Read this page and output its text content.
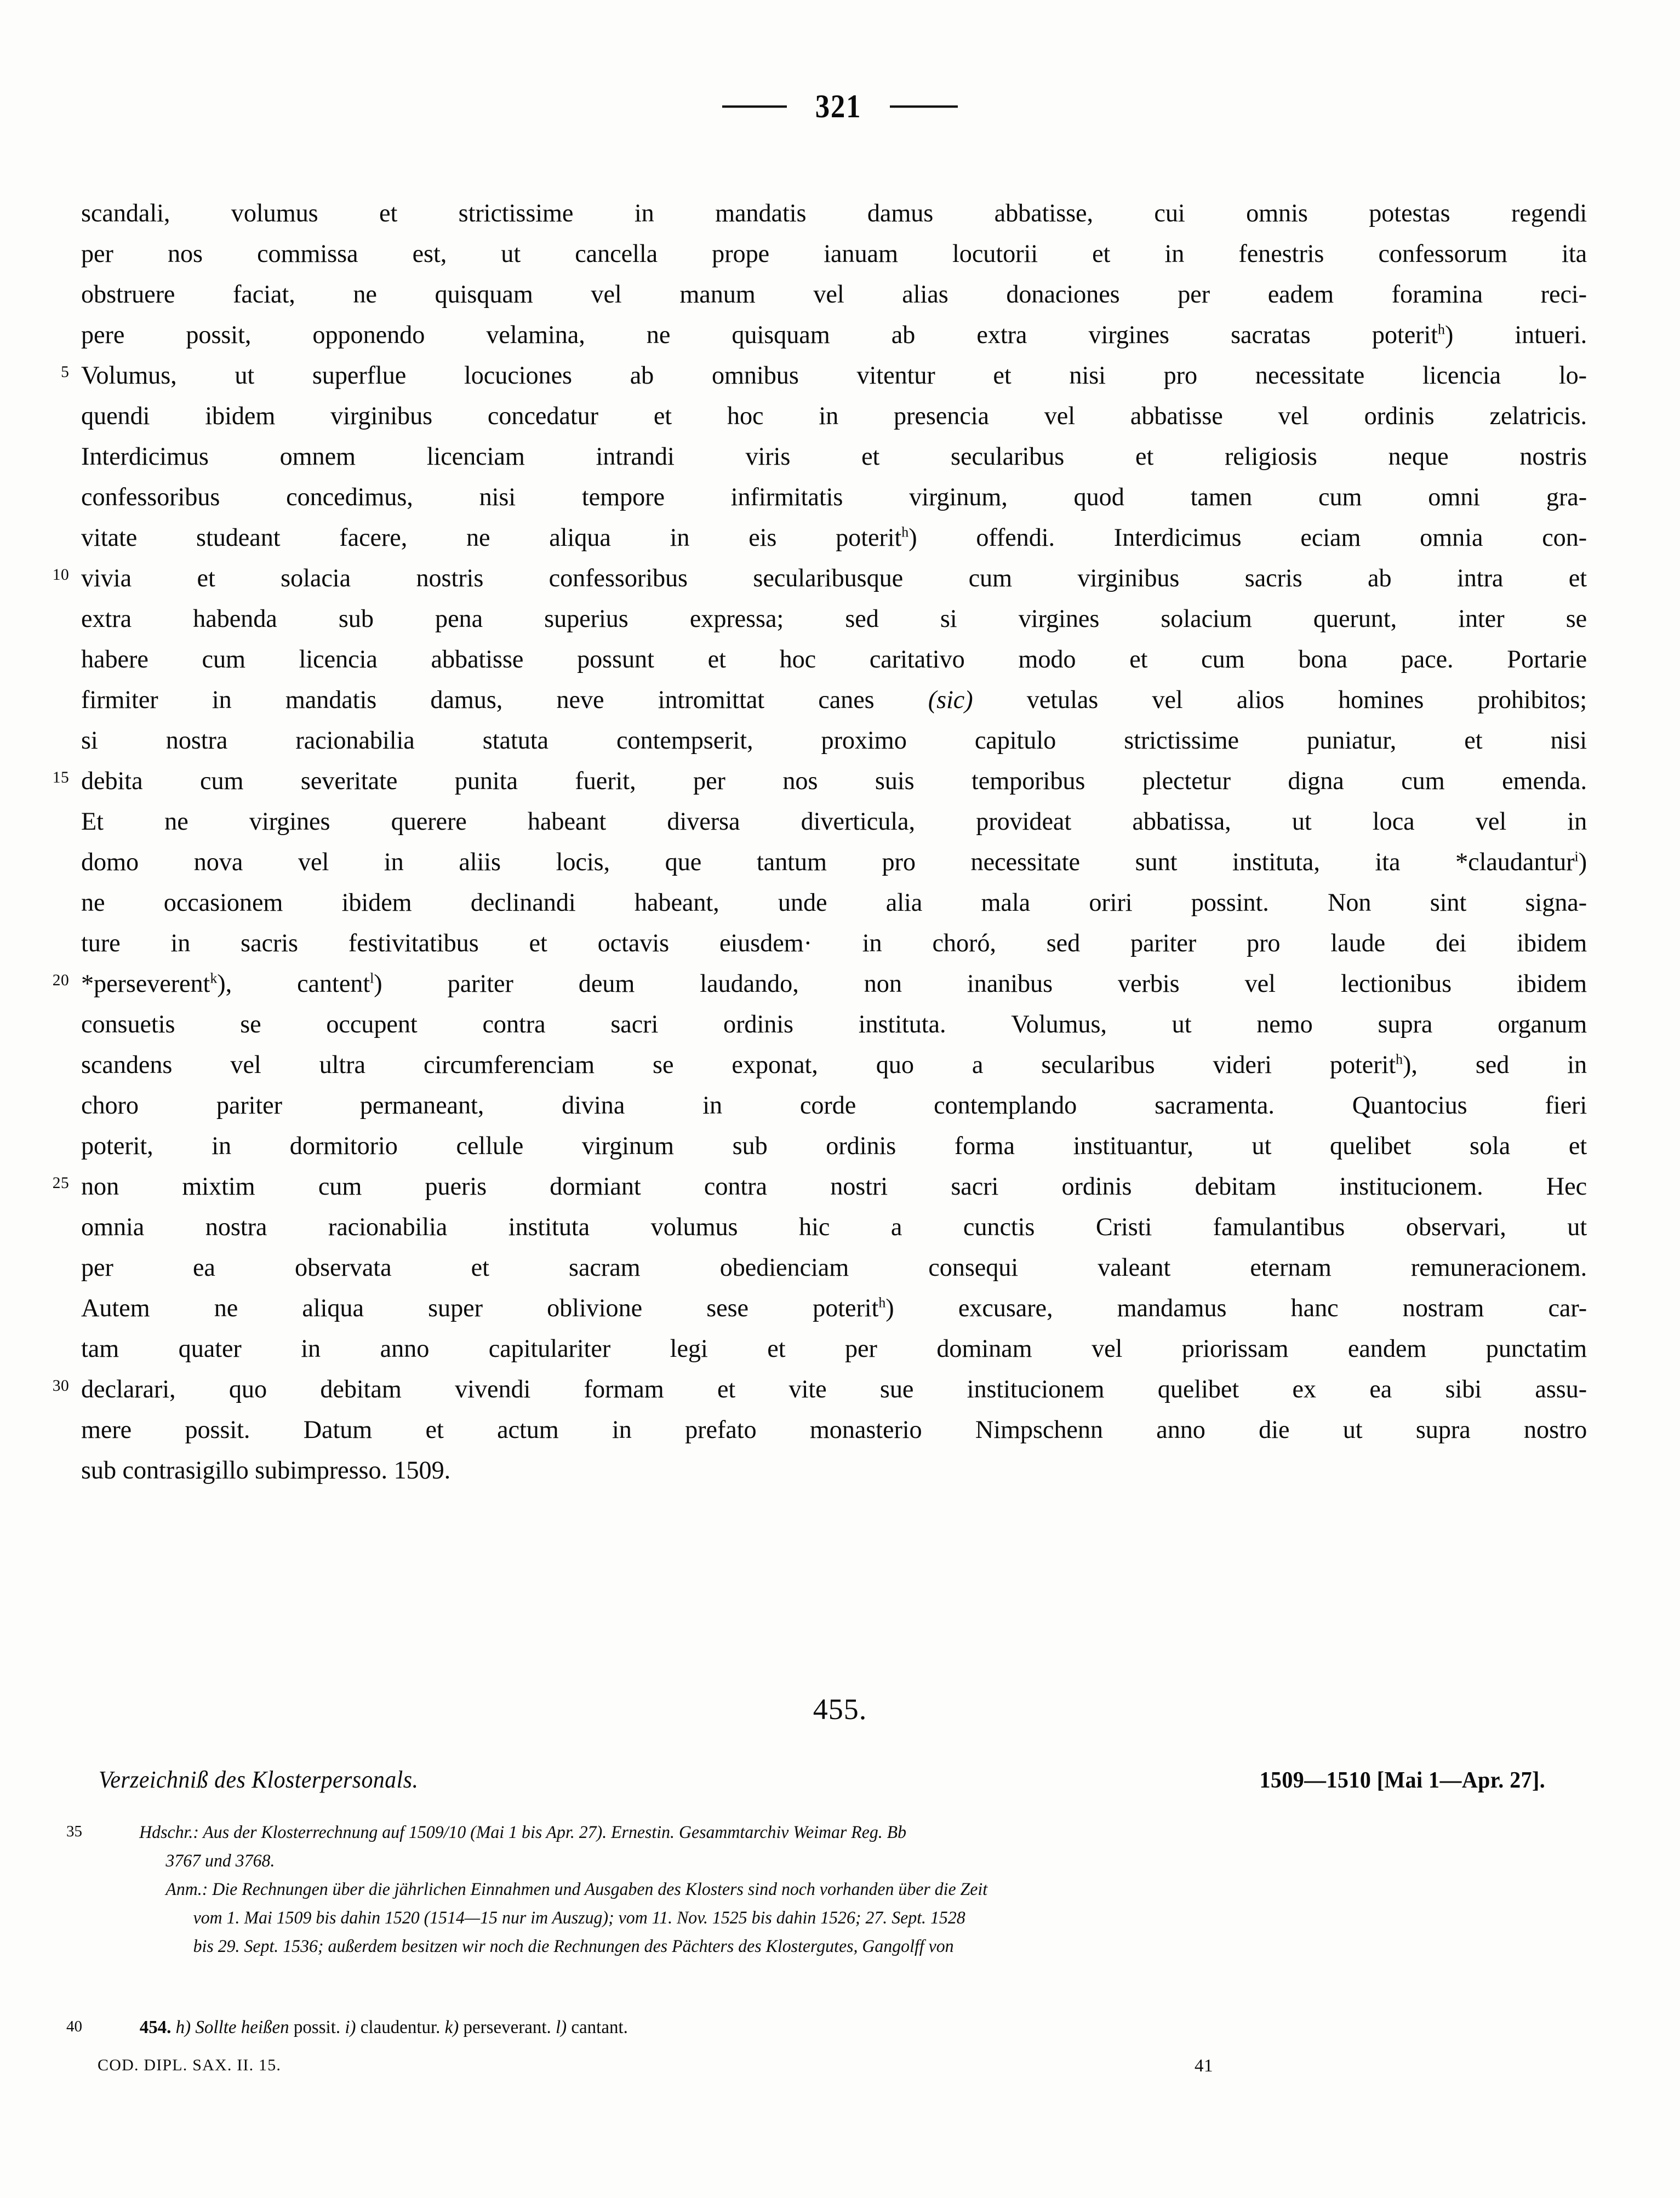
321
scandali, volumus et strictissime in mandatis damus abbatisse, cui omnis potestas regendi
per nos commissa est, ut cancella prope ianuam locutorii et in fenestris confessorum ita
obstruere faciat, ne quisquam vel manum vel alias donaciones per eadem foramina reci-
pere possit, opponendo velamina, ne quisquam ab extra virgines sacratas poterit$^h$) intueri.
5 Volumus, ut superflue locuciones ab omnibus vitentur et nisi pro necessitate licencia lo-
quendi ibidem virginibus concedatur et hoc in presencia vel abbatisse vel ordinis zelatricis.
Interdicimus	omnem	licenciam	intrandi	viris	et	secularibus	et	religiosis	neque	nostris
confessoribus	concedimus,	nisi	tempore	infirmitatis	virginum,	quod	tamen	cum	omni	gra-
vitate studeant facere, ne aliqua in eis poterit$^h$) offendi. Interdicimus eciam omnia con-
10 vivia	et	solacia	nostris	confessoribus	secularibusque	cum	virginibus	sacris	ab	intra	et
extra habenda sub pena superius expressa; sed si virgines solacium querunt, inter se
habere cum licencia abbatisse possunt et hoc caritativo modo et cum bona pace. Portarie
firmiter in mandatis damus, neve intromittat canes (sic) vetulas vel alios homines prohibitos;
si	nostra	racionabilia	statuta	contempserit,	proximo	capitulo	strictissime	puniatur,	et	nisi
15 debita cum severitate punita fuerit, per nos suis temporibus plectetur digna cum emenda.
Et ne virgines querere habeant diversa diverticula, provideat abbatissa, ut loca vel in
domo nova vel in aliis locis, que tantum pro necessitate sunt instituta, ita *claudantur$^i$)
ne occasionem ibidem declinandi habeant, unde alia mala oriri possint. Non sint signa-
ture in sacris festivitatibus et octavis eiusdem· in choró, sed pariter pro laude dei ibidem
20 *perseverent$^k$),	cantent$^l$)	pariter	deum	laudando,	non	inanibus	verbis	vel	lectionibus	ibidem
consuetis	se	occupent	contra	sacri	ordinis	instituta.	Volumus,	ut	nemo	supra	organum
scandens vel ultra circumferenciam se exponat, quo a secularibus videri poterit$^h$), sed in
choro	pariter	permaneant,	divina	in	corde	contemplando	sacramenta.	Quantocius	fieri
poterit, in dormitorio cellule virginum sub ordinis forma instituantur, ut quelibet sola et
25 non mixtim cum pueris dormiant contra nostri sacri ordinis debitam institucionem. Hec
omnia nostra racionabilia instituta volumus hic a cunctis Cristi famulantibus observari, ut
per	ea	observata	et	sacram	obedienciam	consequi	valeant	eternam	remuneracionem.
Autem ne aliqua super oblivione sese poterit$^h$) excusare, mandamus hanc nostram car-
tam quater in anno capitulariter legi et per dominam vel priorissam eandem punctatim
30 declarari, quo debitam vivendi formam et vite sue institucionem quelibet ex ea sibi assu-
mere possit. Datum et actum in prefato monasterio Nimpschenn anno die ut supra nostro
sub contrasigillo subimpresso. 1509.
455.
Verzeichniß des Klosterpersonals.	1509—1510 [Mai 1—Apr. 27].
35	Hdschr.: Aus der Klosterrechnung auf 1509/10 (Mai 1 bis Apr. 27). Ernestin. Gesammtarchiv Weimar Reg. Bb
3767 und 3768.
Anm.: Die Rechnungen über die jährlichen Einnahmen und Ausgaben des Klosters sind noch vorhanden über die Zeit
vom 1. Mai 1509 bis dahin 1520 (1514—15 nur im Auszug); vom 11. Nov. 1525 bis dahin 1526; 27. Sept. 1528
bis 29. Sept. 1536; außerdem besitzen wir noch die Rechnungen des Pächters des Klostergutes, Gangolff von
40	454. h) Sollte heißen possit. i) claudentur. k) perseverant. l) cantant.
COD. DIPL. SAX. II. 15.	41
